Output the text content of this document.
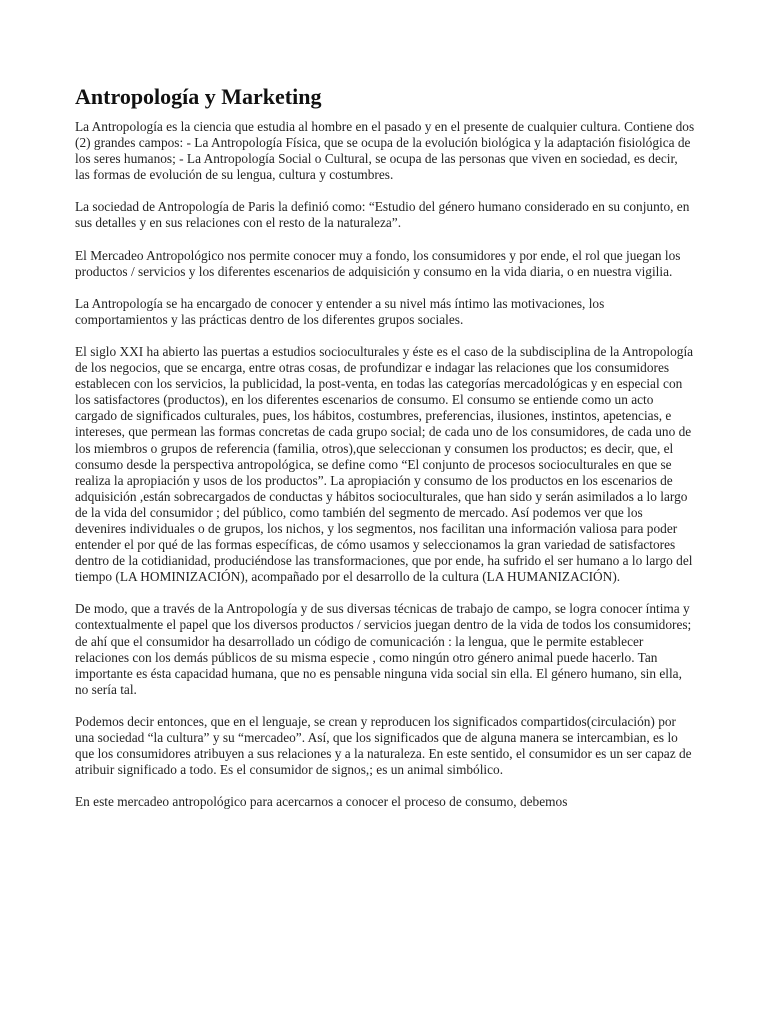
Antropología y Marketing

La Antropología es la ciencia que estudia al hombre en el pasado y en el presente de cualquier cultura. Contiene dos (2) grandes campos: - La Antropología Física, que se ocupa de la evolución biológica y la adaptación fisiológica de los seres humanos; - La Antropología Social o Cultural, se ocupa de las personas que viven en sociedad, es decir, las formas de evolución de su lengua, cultura y costumbres.

La sociedad de Antropología de Paris la definió como: “Estudio del género humano considerado en su conjunto, en sus detalles y en sus relaciones con el resto de la naturaleza”.

El Mercadeo Antropológico nos permite conocer muy a fondo, los consumidores y por ende, el rol que juegan los productos / servicios y los diferentes escenarios de adquisición y consumo en la vida diaria, o en nuestra vigilia.

La Antropología se ha encargado de conocer y entender a su nivel más íntimo las motivaciones, los comportamientos y las prácticas dentro de los diferentes grupos sociales.

El siglo XXI ha abierto las puertas a estudios socioculturales y éste es el caso de la subdisciplina de la Antropología de los negocios, que se encarga, entre otras cosas, de profundizar e indagar las relaciones que los consumidores establecen con los servicios, la publicidad, la post-venta, en todas las categorías mercadológicas y en especial con los satisfactores (productos), en los diferentes escenarios de consumo. El consumo se entiende como un acto cargado de significados culturales, pues, los hábitos, costumbres, preferencias, ilusiones, instintos, apetencias, e intereses, que permean las formas concretas de cada grupo social; de cada uno de los consumidores, de cada uno de los miembros o grupos de referencia (familia, otros),que seleccionan y consumen los productos; es decir, que, el consumo desde la perspectiva antropológica, se define como “El conjunto de procesos socioculturales en que se realiza la apropiación y usos de los productos”. La apropiación y consumo de los productos en los escenarios de adquisición ,están sobrecargados de conductas y hábitos socioculturales, que han sido y serán asimilados a lo largo de la vida del consumidor ; del público, como también del segmento de mercado. Así podemos ver que los devenires individuales o de grupos, los nichos, y los segmentos, nos facilitan una información valiosa para poder entender el por qué de las formas específicas, de cómo usamos y seleccionamos la gran variedad de satisfactores dentro de la cotidianidad, produciéndose las transformaciones, que por ende, ha sufrido el ser humano a lo largo del tiempo (LA HOMINIZACIÓN), acompañado por el desarrollo de la cultura (LA HUMANIZACIÓN).

De modo, que a través de la Antropología y de sus diversas técnicas de trabajo de campo, se logra conocer íntima y contextualmente el papel que los diversos productos / servicios juegan dentro de la vida de todos los consumidores; de ahí que el consumidor ha desarrollado un código de comunicación : la lengua, que le permite establecer relaciones con los demás públicos de su misma especie , como ningún otro género animal puede hacerlo. Tan importante es ésta capacidad humana, que no es pensable ninguna vida social sin ella. El género humano, sin ella, no sería tal.

Podemos decir entonces, que en el lenguaje, se crean y reproducen los significados compartidos(circulación) por una sociedad “la cultura” y su “mercadeo”. Así, que los significados que de alguna manera se intercambian, es lo que los consumidores atribuyen a sus relaciones y a la naturaleza. En este sentido, el consumidor es un ser capaz de atribuir significado a todo. Es el consumidor de signos,; es un animal simbólico.

En este mercadeo antropológico para acercarnos a conocer el proceso de consumo, debemos
